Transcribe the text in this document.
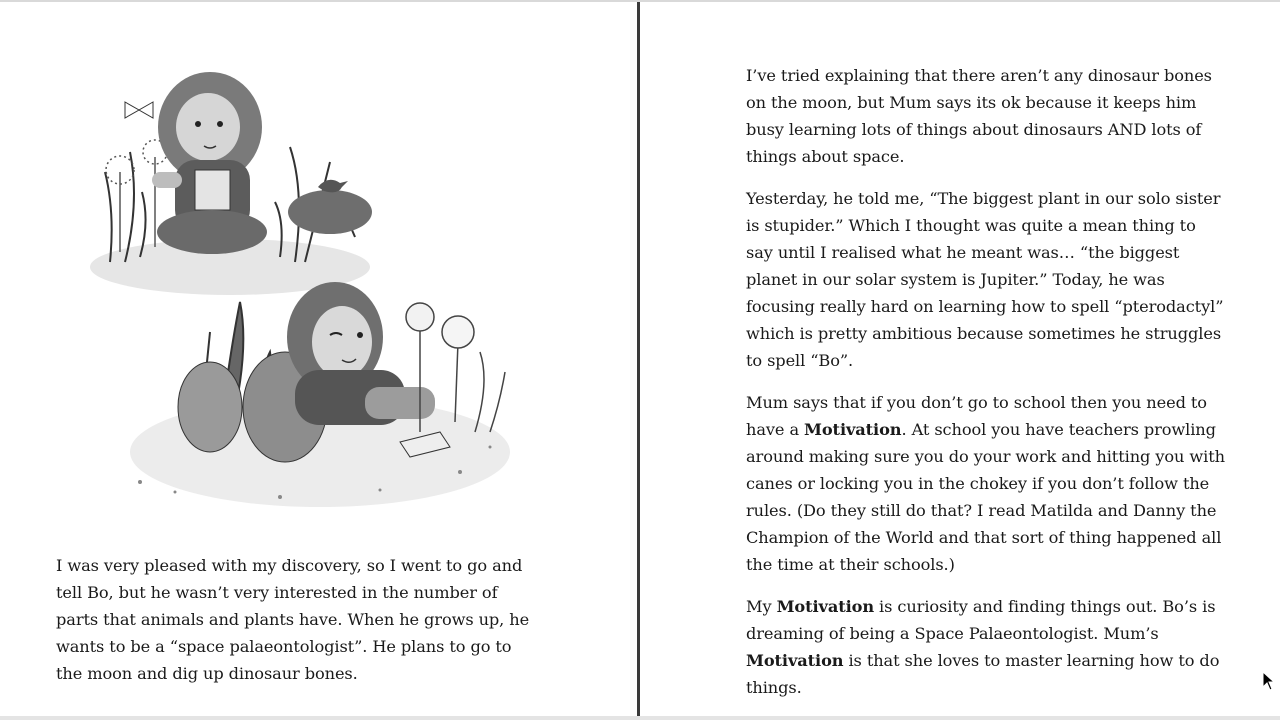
I was very pleased with my discovery, so I went to go and tell Bo, but he wasn’t very interested in the number of parts that animals and plants have. When he grows up, he wants to be a “space palaeontologist”. He plans to go to the moon and dig up dinosaur bones.

I’ve tried explaining that there aren’t any dinosaur bones on the moon, but Mum says its ok because it keeps him busy learning lots of things about dinosaurs AND lots of things about space.

Yesterday, he told me, “The biggest plant in our solo sister is stupider.” Which I thought was quite a mean thing to say until I realised what he meant was… “the biggest planet in our solar system is Jupiter.” Today, he was focusing really hard on learning how to spell “pterodactyl” which is pretty ambitious because sometimes he struggles to spell “Bo”.

Mum says that if you don’t go to school then you need to have a Motivation. At school you have teachers prowling around making sure you do your work and hitting you with canes or locking you in the chokey if you don’t follow the rules. (Do they still do that? I read Matilda and Danny the Champion of the World and that sort of thing happened all the time at their schools.)

My Motivation is curiosity and finding things out. Bo’s is dreaming of being a Space Palaeontologist. Mum’s Motivation is that she loves to master learning how to do things.
